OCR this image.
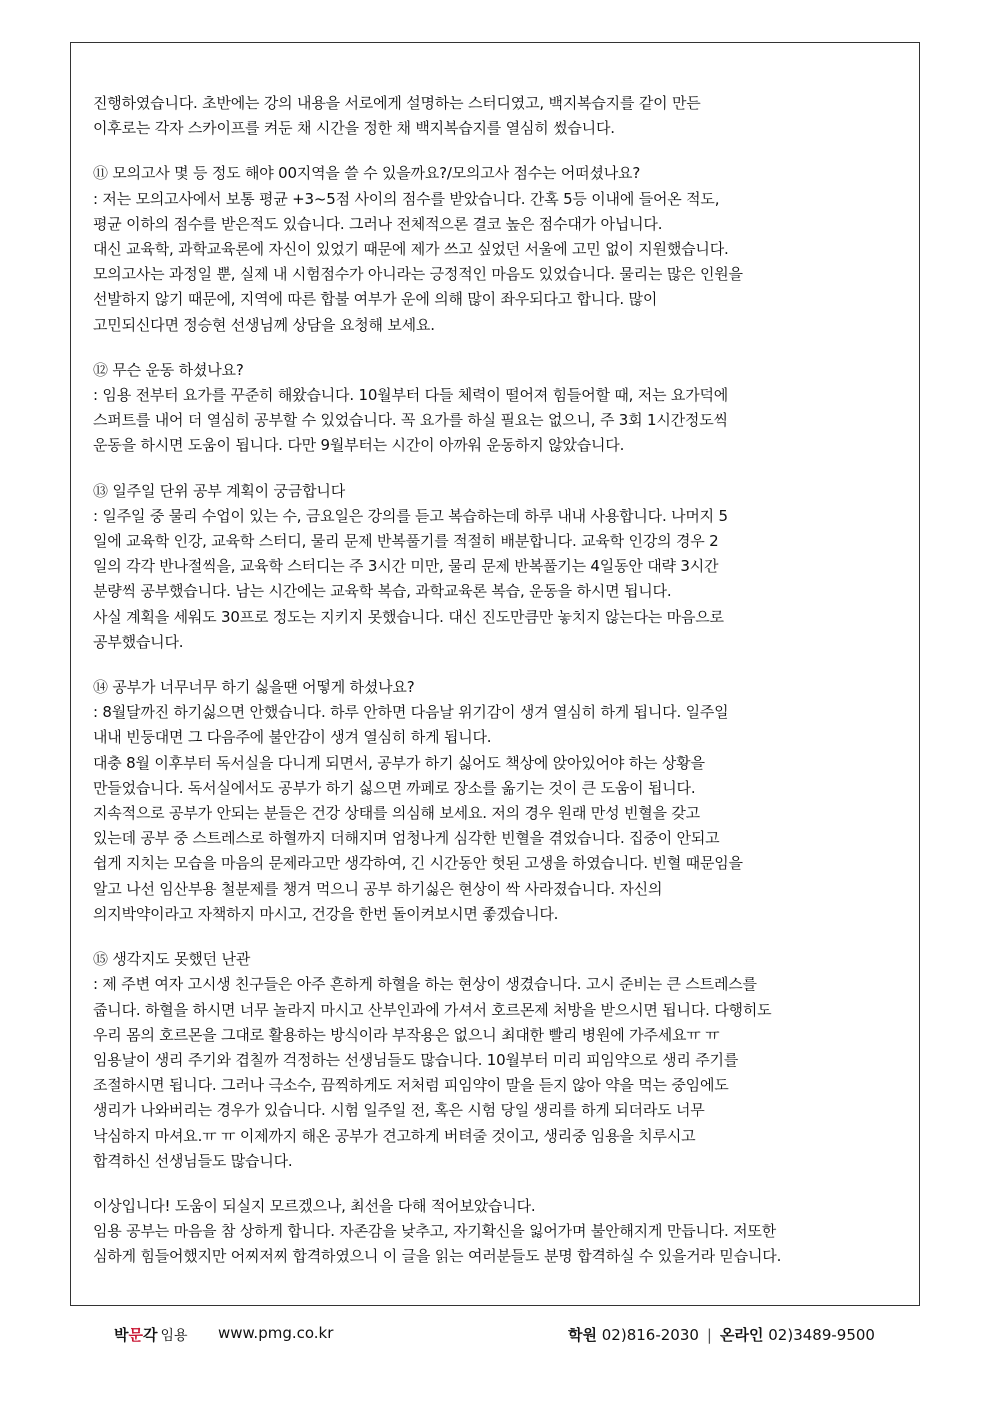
진행하였습니다. 초반에는 강의 내용을 서로에게 설명하는 스터디였고, 백지복습지를 같이 만든
이후로는 각자 스카이프를 켜둔 채 시간을 정한 채 백지복습지를 열심히 썼습니다.
⑪ 모의고사 몇 등 정도 해야 00지역을 쓸 수 있을까요?/모의고사 점수는 어떠셨나요?
: 저는 모의고사에서 보통 평균 +3~5점 사이의 점수를 받았습니다. 간혹 5등 이내에 들어온 적도,
평균 이하의 점수를 받은적도 있습니다. 그러나 전체적으론 결코 높은 점수대가 아닙니다.
대신 교육학, 과학교육론에 자신이 있었기 때문에 제가 쓰고 싶었던 서울에 고민 없이 지원했습니다.
모의고사는 과정일 뿐, 실제 내 시험점수가 아니라는 긍정적인 마음도 있었습니다. 물리는 많은 인원을
선발하지 않기 때문에, 지역에 따른 합불 여부가 운에 의해 많이 좌우되다고 합니다. 많이
고민되신다면 정승현 선생님께 상담을 요청해 보세요.
⑫ 무슨 운동 하셨나요?
: 임용 전부터 요가를 꾸준히 해왔습니다. 10월부터 다들 체력이 떨어져 힘들어할 때, 저는 요가덕에
스퍼트를 내어 더 열심히 공부할 수 있었습니다. 꼭 요가를 하실 필요는 없으니, 주 3회 1시간정도씩
운동을 하시면 도움이 됩니다. 다만 9월부터는 시간이 아까워 운동하지 않았습니다.
⑬ 일주일 단위 공부 계획이 궁금합니다
: 일주일 중 물리 수업이 있는 수, 금요일은 강의를 듣고 복습하는데 하루 내내 사용합니다. 나머지 5
일에 교육학 인강, 교육학 스터디, 물리 문제 반복풀기를 적절히 배분합니다. 교육학 인강의 경우 2
일의 각각 반나절씩을, 교육학 스터디는 주 3시간 미만, 물리 문제 반복풀기는 4일동안 대략 3시간
분량씩 공부했습니다. 남는 시간에는 교육학 복습, 과학교육론 복습, 운동을 하시면 됩니다.
사실 계획을 세워도 30프로 정도는 지키지 못했습니다. 대신 진도만큼만 놓치지 않는다는 마음으로
공부했습니다.
⑭ 공부가 너무너무 하기 싫을땐 어떻게 하셨나요?
: 8월달까진 하기싫으면 안했습니다. 하루 안하면 다음날 위기감이 생겨 열심히 하게 됩니다. 일주일
내내 빈둥대면 그 다음주에 불안감이 생겨 열심히 하게 됩니다.
대충 8월 이후부터 독서실을 다니게 되면서, 공부가 하기 싫어도 책상에 앉아있어야 하는 상황을
만들었습니다. 독서실에서도 공부가 하기 싫으면 까페로 장소를 옮기는 것이 큰 도움이 됩니다.
지속적으로 공부가 안되는 분들은 건강 상태를 의심해 보세요. 저의 경우 원래 만성 빈혈을 갖고
있는데 공부 중 스트레스로 하혈까지 더해지며 엄청나게 심각한 빈혈을 겪었습니다. 집중이 안되고
쉽게 지치는 모습을 마음의 문제라고만 생각하여, 긴 시간동안 헛된 고생을 하였습니다. 빈혈 때문임을
알고 나선 임산부용 철분제를 챙겨 먹으니 공부 하기싫은 현상이 싹 사라졌습니다. 자신의
의지박약이라고 자책하지 마시고, 건강을 한번 돌이켜보시면 좋겠습니다.
⑮ 생각지도 못했던 난관
: 제 주변 여자 고시생 친구들은 아주 흔하게 하혈을 하는 현상이 생겼습니다. 고시 준비는 큰 스트레스를
줍니다. 하혈을 하시면 너무 놀라지 마시고 산부인과에 가셔서 호르몬제 처방을 받으시면 됩니다. 다행히도
우리 몸의 호르몬을 그대로 활용하는 방식이라 부작용은 없으니 최대한 빨리 병원에 가주세요ㅠ ㅠ
임용날이 생리 주기와 겹칠까 걱정하는 선생님들도 많습니다. 10월부터 미리 피임약으로 생리 주기를
조절하시면 됩니다. 그러나 극소수, 끔찍하게도 저처럼 피임약이 말을 듣지 않아 약을 먹는 중임에도
생리가 나와버리는 경우가 있습니다. 시험 일주일 전, 혹은 시험 당일 생리를 하게 되더라도 너무
낙심하지 마셔요.ㅠ ㅠ 이제까지 해온 공부가 견고하게 버텨줄 것이고, 생리중 임용을 치루시고
합격하신 선생님들도 많습니다.
이상입니다! 도움이 되실지 모르겠으나, 최선을 다해 적어보았습니다.
임용 공부는 마음을 참 상하게 합니다. 자존감을 낮추고, 자기확신을 잃어가며 불안해지게 만듭니다. 저또한
심하게 힘들어했지만 어찌저찌 합격하였으니 이 글을 읽는 여러분들도 분명 합격하실 수 있을거라 믿습니다.
박문각 임용 www.pmg.co.kr	학원 02)816-2030 | 온라인 02)3489-9500
